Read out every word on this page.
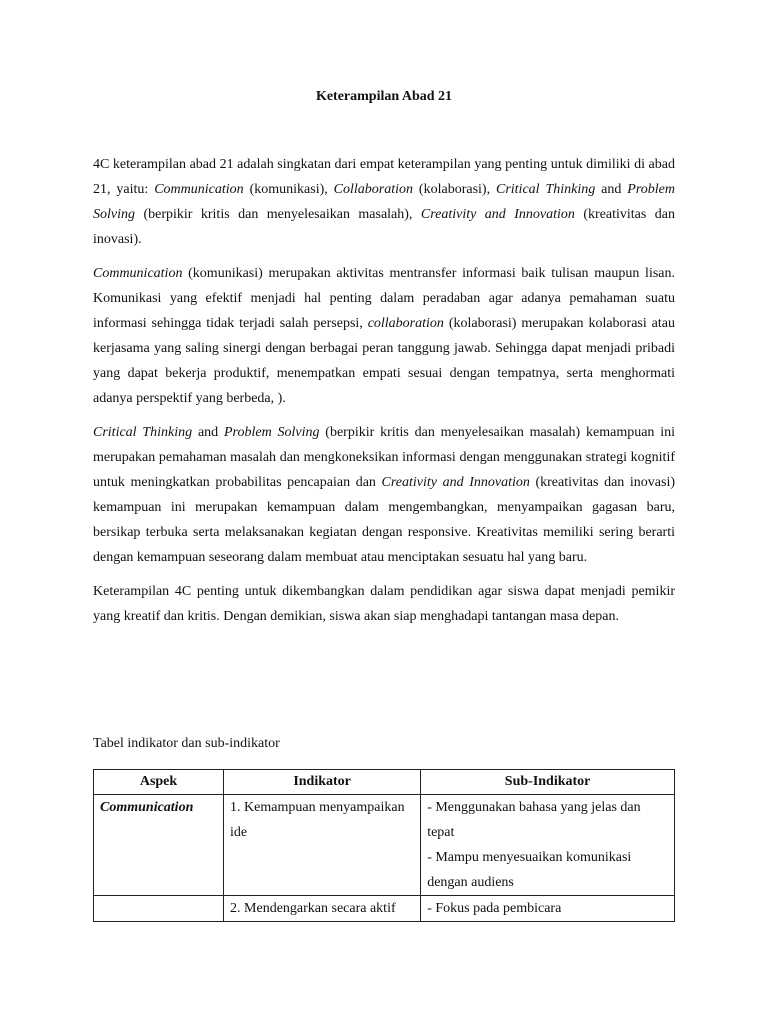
Keterampilan Abad 21

4C keterampilan abad 21 adalah singkatan dari empat keterampilan yang penting untuk dimiliki di abad 21, yaitu: Communication (komunikasi), Collaboration (kolaborasi), Critical Thinking and Problem Solving (berpikir kritis dan menyelesaikan masalah), Creativity and Innovation (kreativitas dan inovasi).

Communication (komunikasi) merupakan aktivitas mentransfer informasi baik tulisan maupun lisan. Komunikasi yang efektif menjadi hal penting dalam peradaban agar adanya pemahaman suatu informasi sehingga tidak terjadi salah persepsi, collaboration (kolaborasi) merupakan kolaborasi atau kerjasama yang saling sinergi dengan berbagai peran tanggung jawab. Sehingga dapat menjadi pribadi yang dapat bekerja produktif, menempatkan empati sesuai dengan tempatnya, serta menghormati adanya perspektif yang berbeda, ).

Critical Thinking and Problem Solving (berpikir kritis dan menyelesaikan masalah) kemampuan ini merupakan pemahaman masalah dan mengkoneksikan informasi dengan menggunakan strategi kognitif untuk meningkatkan probabilitas pencapaian dan Creativity and Innovation (kreativitas dan inovasi) kemampuan ini merupakan kemampuan dalam mengembangkan, menyampaikan gagasan baru, bersikap terbuka serta melaksanakan kegiatan dengan responsive. Kreativitas memiliki sering berarti dengan kemampuan seseorang dalam membuat atau menciptakan sesuatu hal yang baru.

Keterampilan 4C penting untuk dikembangkan dalam pendidikan agar siswa dapat menjadi pemikir yang kreatif dan kritis. Dengan demikian, siswa akan siap menghadapi tantangan masa depan.

Tabel indikator dan sub-indikator
Aspek	Indikator	Sub-Indikator
Communication	1. Kemampuan menyampaikan ide	- Menggunakan bahasa yang jelas dan tepat
- Mampu menyesuaikan komunikasi dengan audiens

	2. Mendengarkan secara aktif	- Fokus pada pembicara
